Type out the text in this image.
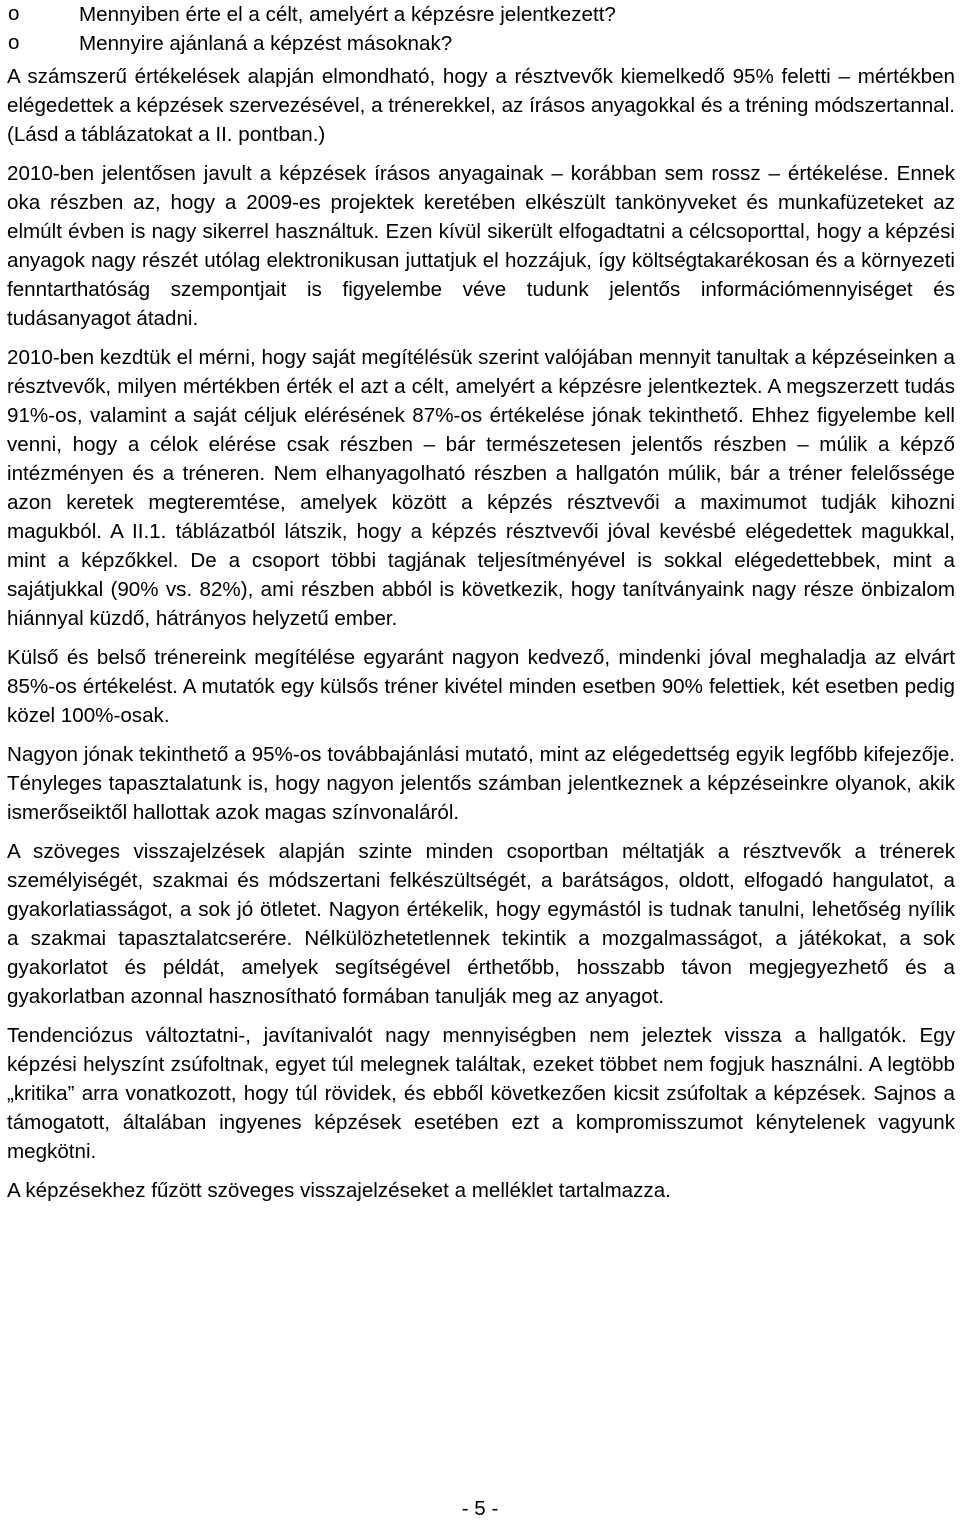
o	Mennyiben érte el a célt, amelyért a képzésre jelentkezett?
o	Mennyire ajánlaná a képzést másoknak?

A számszerű értékelések alapján elmondható, hogy a résztvevők kiemelkedő 95% feletti – mértékben elégedettek a képzések szervezésével, a trénerekkel, az írásos anyagokkal és a tréning módszertannal. (Lásd a táblázatokat a II. pontban.)

2010-ben jelentősen javult a képzések írásos anyagainak – korábban sem rossz – értékelése. Ennek oka részben az, hogy a 2009-es projektek keretében elkészült tankönyveket és munkafüzeteket az elmúlt évben is nagy sikerrel használtuk. Ezen kívül sikerült elfogadtatni a célcsoporttal, hogy a képzési anyagok nagy részét utólag elektronikusan juttatjuk el hozzájuk, így költségtakarékosan és a környezeti fenntarthatóság szempontjait is figyelembe véve tudunk jelentős információmennyiséget és tudásanyagot átadni.

2010-ben kezdtük el mérni, hogy saját megítélésük szerint valójában mennyit tanultak a képzéseinken a résztvevők, milyen mértékben érték el azt a célt, amelyért a képzésre jelentkeztek. A megszerzett tudás 91%-os, valamint a saját céljuk elérésének 87%-os értékelése jónak tekinthető. Ehhez figyelembe kell venni, hogy a célok elérése csak részben – bár természetesen jelentős részben – múlik a képző intézményen és a tréneren. Nem elhanyagolható részben a hallgatón múlik, bár a tréner felelőssége azon keretek megteremtése, amelyek között a képzés résztvevői a maximumot tudják kihozni magukból. A II.1. táblázatból látszik, hogy a képzés résztvevői jóval kevésbé elégedettek magukkal, mint a képzőkkel. De a csoport többi tagjának teljesítményével is sokkal elégedettebbek, mint a sajátjukkal (90% vs. 82%), ami részben abból is következik, hogy tanítványaink nagy része önbizalom hiánnyal küzdő, hátrányos helyzetű ember.

Külső és belső trénereink megítélése egyaránt nagyon kedvező, mindenki jóval meghaladja az elvárt 85%-os értékelést. A mutatók egy külsős tréner kivétel minden esetben 90% felettiek, két esetben pedig közel 100%-osak.

Nagyon jónak tekinthető a 95%-os továbbajánlási mutató, mint az elégedettség egyik legfőbb kifejezője. Tényleges tapasztalatunk is, hogy nagyon jelentős számban jelentkeznek a képzéseinkre olyanok, akik ismerőseiktől hallottak azok magas színvonaláról.

A szöveges visszajelzések alapján szinte minden csoportban méltatják a résztvevők a trénerek személyiségét, szakmai és módszertani felkészültségét, a barátságos, oldott, elfogadó hangulatot, a gyakorlatiasságot, a sok jó ötletet. Nagyon értékelik, hogy egymástól is tudnak tanulni, lehetőség nyílik a szakmai tapasztalatcserére. Nélkülözhetetlennek tekintik a mozgalmasságot, a játékokat, a sok gyakorlatot és példát, amelyek segítségével érthetőbb, hosszabb távon megjegyezhető és a gyakorlatban azonnal hasznosítható formában tanulják meg az anyagot.

Tendenciózus változtatni-, javítanivalót nagy mennyiségben nem jeleztek vissza a hallgatók. Egy képzési helyszínt zsúfoltnak, egyet túl melegnek találtak, ezeket többet nem fogjuk használni. A legtöbb „kritika” arra vonatkozott, hogy túl rövidek, és ebből következően kicsit zsúfoltak a képzések. Sajnos a támogatott, általában ingyenes képzések esetében ezt a kompromisszumot kénytelenek vagyunk megkötni.

A képzésekhez fűzött szöveges visszajelzéseket a melléklet tartalmazza.

- 5 -
